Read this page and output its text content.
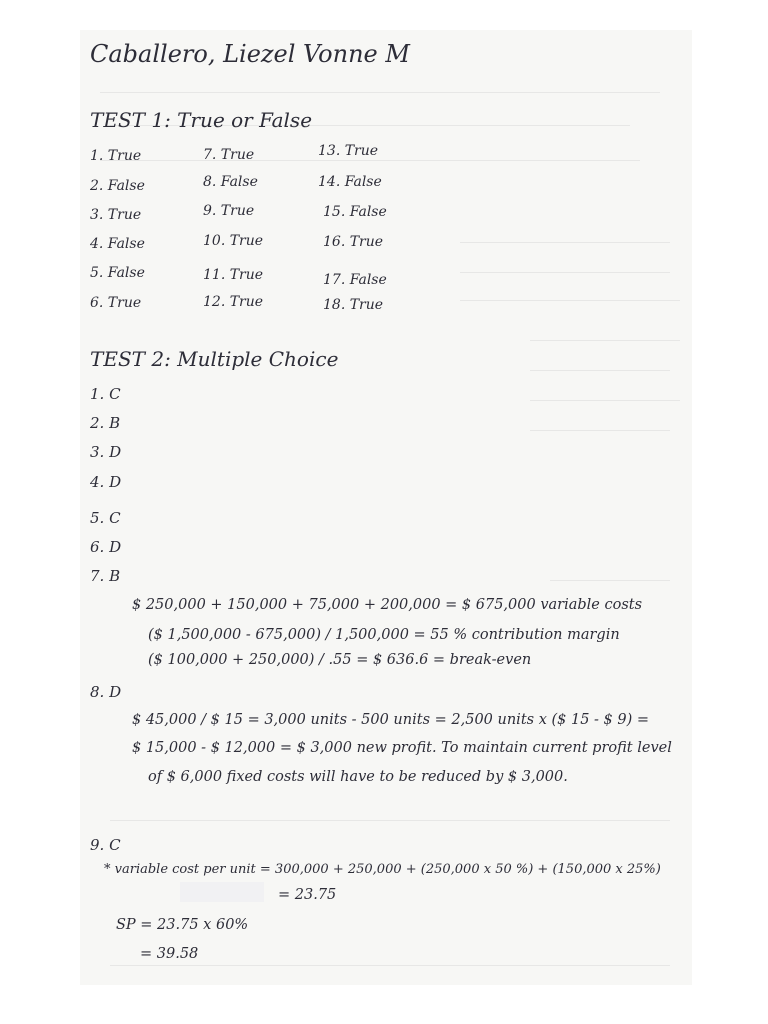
Caballero, Liezel Vonne M
TEST 1: True or False
1. True
2. False
3. True
4. False
5. False
6. True
7. True
8. False
9. True
10. True
11. True
12. True
13. True
14. False
15. False
16. True
17. False
18. True
TEST 2: Multiple Choice
1. C
2. B
3. D
4. D
5. C
6. D
7. B
$ 250,000 + 150,000 + 75,000 + 200,000 = $ 675,000 variable costs
($ 1,500,000 - 675,000) / 1,500,000 = 55 % contribution margin
($ 100,000 + 250,000) / .55 = $ 636.6 = break-even
8. D
$ 45,000 / $ 15 = 3,000 units - 500 units = 2,500 units x ($ 15 - $ 9) =
$ 15,000 - $ 12,000 = $ 3,000 new profit. To maintain current profit level
of $ 6,000 fixed costs will have to be reduced by $ 3,000.
9. C
* variable cost per unit = 300,000 + 250,000 + (250,000 x 50 %) + (150,000 x 25%)
= 23.75
SP = 23.75 x 60%
= 39.58
